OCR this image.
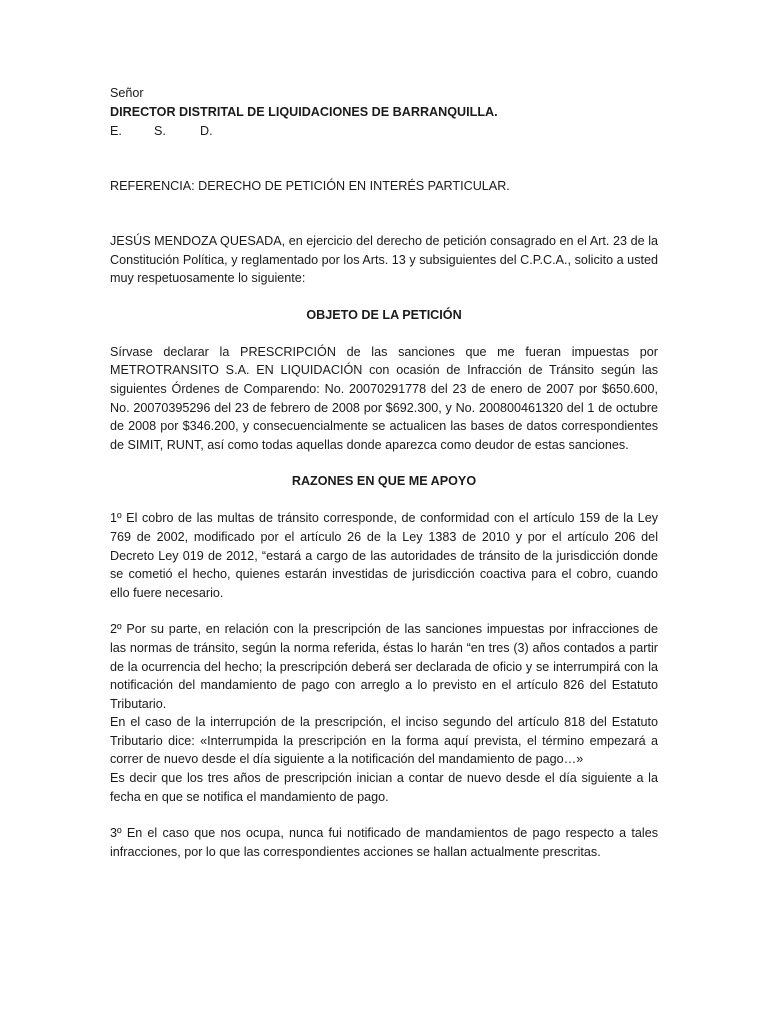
Señor

DIRECTOR DISTRITAL DE LIQUIDACIONES DE BARRANQUILLA.

E.	S.	D.

REFERENCIA: DERECHO DE PETICIÓN EN INTERÉS PARTICULAR.

JESÚS MENDOZA QUESADA, en ejercicio del derecho de petición consagrado en el Art. 23 de la Constitución Política, y reglamentado por los Arts. 13 y subsiguientes del C.P.C.A., solicito a usted muy respetuosamente lo siguiente:

OBJETO DE LA PETICIÓN

Sírvase declarar la PRESCRIPCIÓN de las sanciones que me fueran impuestas por METROTRANSITO S.A. EN LIQUIDACIÓN con ocasión de Infracción de Tránsito según las siguientes Órdenes de Comparendo: No. 20070291778 del 23 de enero de 2007 por $650.600, No. 20070395296 del 23 de febrero de 2008 por $692.300, y No. 200800461320 del 1 de octubre de 2008 por $346.200, y consecuencialmente se actualicen las bases de datos correspondientes de SIMIT, RUNT, así como todas aquellas donde aparezca como deudor de estas sanciones.

RAZONES EN QUE ME APOYO

1º El cobro de las multas de tránsito corresponde, de conformidad con el artículo 159 de la Ley 769 de 2002, modificado por el artículo 26 de la Ley 1383 de 2010 y por el artículo 206 del Decreto Ley 019 de 2012, “estará a cargo de las autoridades de tránsito de la jurisdicción donde se cometió el hecho, quienes estarán investidas de jurisdicción coactiva para el cobro, cuando ello fuere necesario.

2º Por su parte, en relación con la prescripción de las sanciones impuestas por infracciones de las normas de tránsito, según la norma referida, éstas lo harán “en tres (3) años contados a partir de la ocurrencia del hecho; la prescripción deberá ser declarada de oficio y se interrumpirá con la notificación del mandamiento de pago con arreglo a lo previsto en el artículo 826 del Estatuto Tributario.

En el caso de la interrupción de la prescripción, el inciso segundo del artículo 818 del Estatuto Tributario dice: «Interrumpida la prescripción en la forma aquí prevista, el término empezará a correr de nuevo desde el día siguiente a la notificación del mandamiento de pago…»

Es decir que los tres años de prescripción inician a contar de nuevo desde el día siguiente a la fecha en que se notifica el mandamiento de pago.

3º En el caso que nos ocupa, nunca fui notificado de mandamientos de pago respecto a tales infracciones, por lo que las correspondientes acciones se hallan actualmente prescritas.
